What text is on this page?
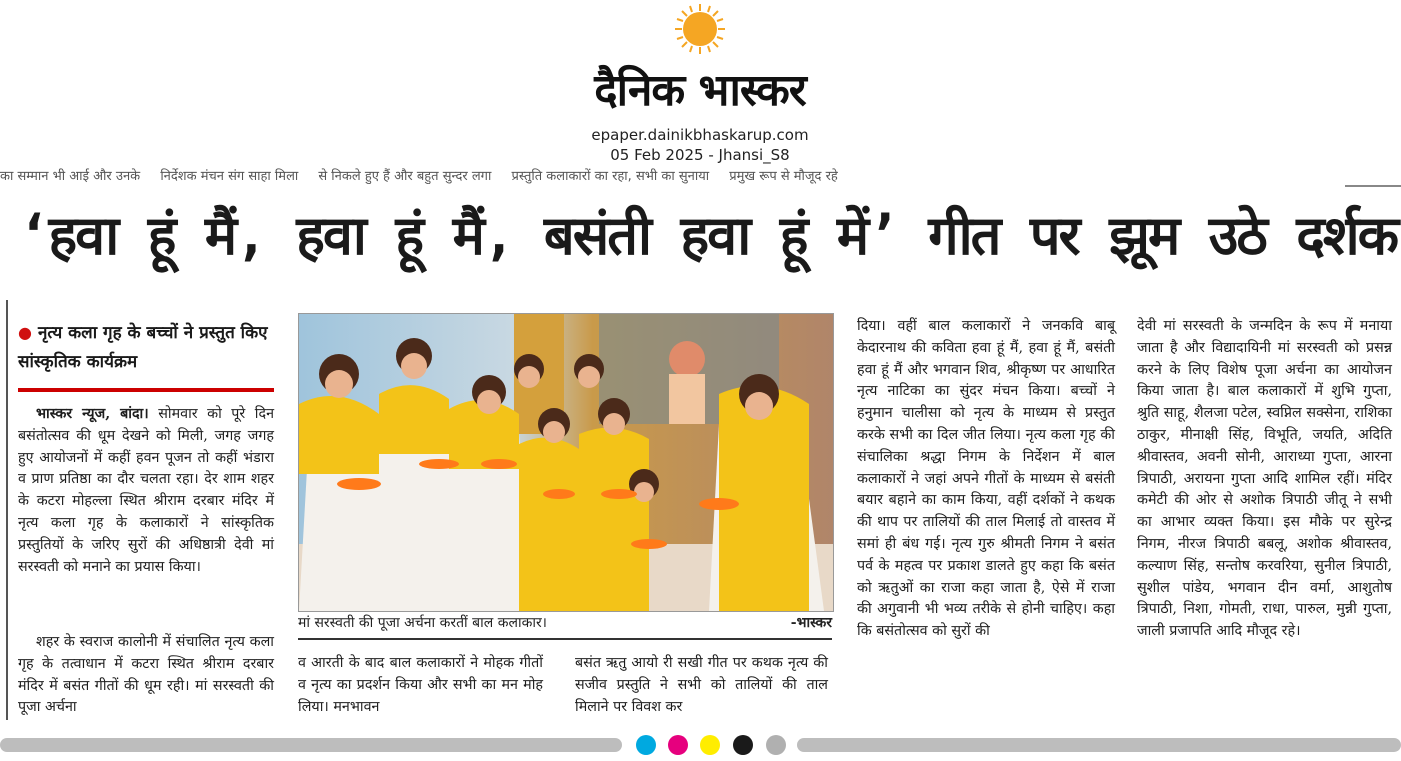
दैनिक भास्कर
epaper.dainikbhaskarup.com
05 Feb 2025 - Jhansi_S8
का सम्मान भी आई और उनके निर्देशक मंचन संग साहा मिला से निकले हुए हैं और बहुत सुन्दर लगा प्रस्तुति कलाकारों का रहा, सभी का सुनाया प्रमुख रूप से मौजूद रहे
‘हवा हूं मैं, हवा हूं मैं, बसंती हवा हूं में’ गीत पर झूम उठे दर्शक
● नृत्य कला गृह के बच्चों ने प्रस्तुत किए सांस्कृतिक कार्यक्रम

भास्कर न्यूज, बांदा। सोमवार को पूरे दिन बसंतोत्सव की धूम देखने को मिली, जगह जगह हुए आयोजनों में कहीं हवन पूजन तो कहीं भंडारा व प्राण प्रतिष्ठा का दौर चलता रहा। देर शाम शहर के कटरा मोहल्ला स्थित श्रीराम दरबार मंदिर में नृत्य कला गृह के कलाकारों ने सांस्कृतिक प्रस्तुतियों के जरिए सुरों की अधिष्ठात्री देवी मां सरस्वती को मनाने का प्रयास किया।

शहर के स्वराज कालोनी में संचालित नृत्य कला गृह के तत्वाधान में कटरा स्थित श्रीराम दरबार मंदिर में बसंत गीतों की धूम रही। मां सरस्वती की पूजा अर्चना

मां सरस्वती की पूजा अर्चना करतीं बाल कलाकार।	-भास्कर

व आरती के बाद बाल कलाकारों ने मोहक गीतों व नृत्य का प्रदर्शन किया और सभी का मन मोह लिया। मनभावन

बसंत ऋतु आयो री सखी गीत पर कथक नृत्य की सजीव प्रस्तुति ने सभी को तालियों की ताल मिलाने पर विवश कर

दिया। वहीं बाल कलाकारों ने जनकवि बाबू केदारनाथ की कविता हवा हूं मैं, हवा हूं मैं, बसंती हवा हूं मैं और भगवान शिव, श्रीकृष्ण पर आधारित नृत्य नाटिका का सुंदर मंचन किया। बच्चों ने हनुमान चालीसा को नृत्य के माध्यम से प्रस्तुत करके सभी का दिल जीत लिया। नृत्य कला गृह की संचालिका श्रद्धा निगम के निर्देशन में बाल कलाकारों ने जहां अपने गीतों के माध्यम से बसंती बयार बहाने का काम किया, वहीं दर्शकों ने कथक की थाप पर तालियों की ताल मिलाई तो वास्तव में समां ही बंध गई। नृत्य गुरु श्रीमती निगम ने बसंत पर्व के महत्व पर प्रकाश डालते हुए कहा कि बसंत को ऋतुओं का राजा कहा जाता है, ऐसे में राजा की अगुवानी भी भव्य तरीके से होनी चाहिए। कहा कि बसंतोत्सव को सुरों की

देवी मां सरस्वती के जन्मदिन के रूप में मनाया जाता है और विद्यादायिनी मां सरस्वती को प्रसन्न करने के लिए विशेष पूजा अर्चना का आयोजन किया जाता है। बाल कलाकारों में शुभि गुप्ता, श्रुति साहू, शैलजा पटेल, स्वप्निल सक्सेना, राशिका ठाकुर, मीनाक्षी सिंह, विभूति, जयति, अदिति श्रीवास्तव, अवनी सोनी, आराध्या गुप्ता, आरना त्रिपाठी, अरायना गुप्ता आदि शामिल रहीं। मंदिर कमेटी की ओर से अशोक त्रिपाठी जीतू ने सभी का आभार व्यक्त किया। इस मौके पर सुरेन्द्र निगम, नीरज त्रिपाठी बबलू, अशोक श्रीवास्तव, कल्याण सिंह, सन्तोष करवरिया, सुनील त्रिपाठी, सुशील पांडेय, भगवान दीन वर्मा, आशुतोष त्रिपाठी, निशा, गोमती, राधा, पारुल, मुन्नी गुप्ता, जाली प्रजापति आदि मौजूद रहे।
